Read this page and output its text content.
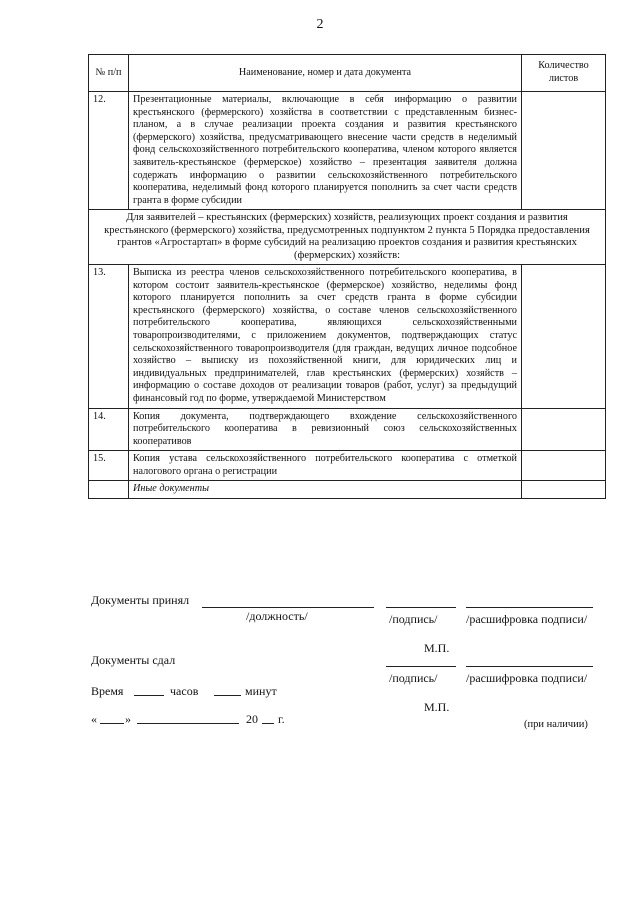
2
№ п/п	Наименование, номер и дата документа	Количество листов
12.	Презентационные материалы, включающие в себя информацию о развитии крестьянского (фермерского) хозяйства в соответствии с представленным бизнес-планом, а в случае реализации проекта создания и развития крестьянского (фермерского) хозяйства, предусматривающего внесение части средств в неделимый фонд сельскохозяйственного потребительского кооператива, членом которого является заявитель-крестьянское (фермерское) хозяйство – презентация заявителя должна содержать информацию о развитии сельскохозяйственного потребительского кооператива, неделимый фонд которого планируется пополнить за счет части средств гранта в форме субсидии	
Для заявителей – крестьянских (фермерских) хозяйств, реализующих проект создания и развития крестьянского (фермерского) хозяйства, предусмотренных подпунктом 2 пункта 5 Порядка предоставления грантов «Агростартап» в форме субсидий на реализацию проектов создания и развития крестьянских (фермерских) хозяйств:		
13.	Выписка из реестра членов сельскохозяйственного потребительского кооператива, в котором состоит заявитель-крестьянское (фермерское) хозяйство, неделимы фонд которого планируется пополнить за счет средств гранта в форме субсидии крестьянского (фермерского) хозяйства, о составе членов сельскохозяйственного потребительского кооператива, являющихся сельскохозяйственными товаропроизводителями, с приложением документов, подтверждающих статус сельскохозяйственного товаропроизводителя (для граждан, ведущих личное подсобное хозяйство – выписку из похозяйственной книги, для юридических лиц и индивидуальных предпринимателей, глав крестьянских (фермерских) хозяйств – информацию о составе доходов от реализации товаров (работ, услуг) за предыдущий финансовый год по форме, утверждаемой Министерством	
14.	Копия документа, подтверждающего вхождение сельскохозяйственного потребительского кооператива в ревизионный союз сельскохозяйственных кооперативов	
15.	Копия устава сельскохозяйственного потребительского кооператива с отметкой налогового органа о регистрации	
	Иные документы	
Документы принял
/должность/	/подпись/ /расшифровка подписи/
М.П.
Документы сдал
/подпись/ /расшифровка подписи/
Время	часов	минут
М.П.
« »	20 г.	(при наличии)
